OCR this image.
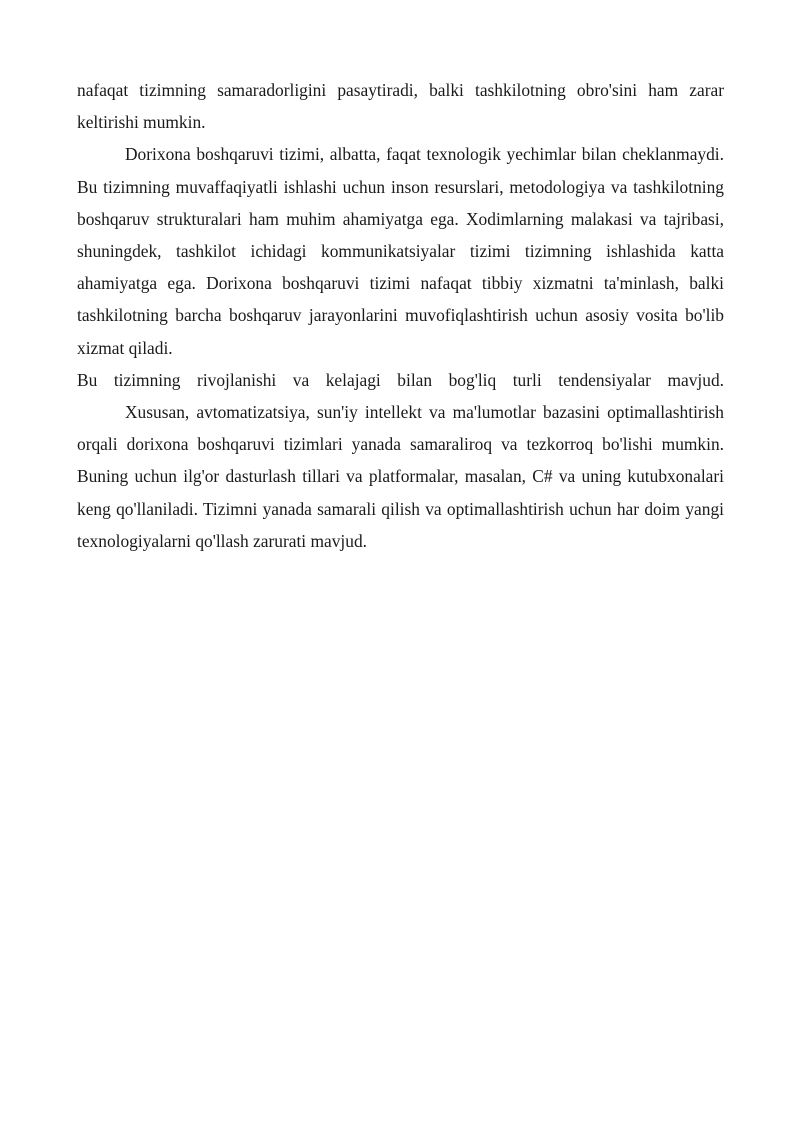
nafaqat tizimning samaradorligini pasaytiradi, balki tashkilotning obro'sini ham zarar keltirishi mumkin.

Dorixona boshqaruvi tizimi, albatta, faqat texnologik yechimlar bilan cheklanmaydi. Bu tizimning muvaffaqiyatli ishlashi uchun inson resurslari, metodologiya va tashkilotning boshqaruv strukturalari ham muhim ahamiyatga ega. Xodimlarning malakasi va tajribasi, shuningdek, tashkilot ichidagi kommunikatsiyalar tizimi tizimning ishlashida katta ahamiyatga ega. Dorixona boshqaruvi tizimi nafaqat tibbiy xizmatni ta'minlash, balki tashkilotning barcha boshqaruv jarayonlarini muvofiqlashtirish uchun asosiy vosita bo'lib xizmat qiladi.

Bu tizimning rivojlanishi va kelajagi bilan bog'liq turli tendensiyalar mavjud.

Xususan, avtomatizatsiya, sun'iy intellekt va ma'lumotlar bazasini optimallashtirish orqali dorixona boshqaruvi tizimlari yanada samaraliroq va tezkorroq bo'lishi mumkin. Buning uchun ilg'or dasturlash tillari va platformalar, masalan, C# va uning kutubxonalari keng qo'llaniladi. Tizimni yanada samarali qilish va optimallashtirish uchun har doim yangi texnologiyalarni qo'llash zarurati mavjud.
